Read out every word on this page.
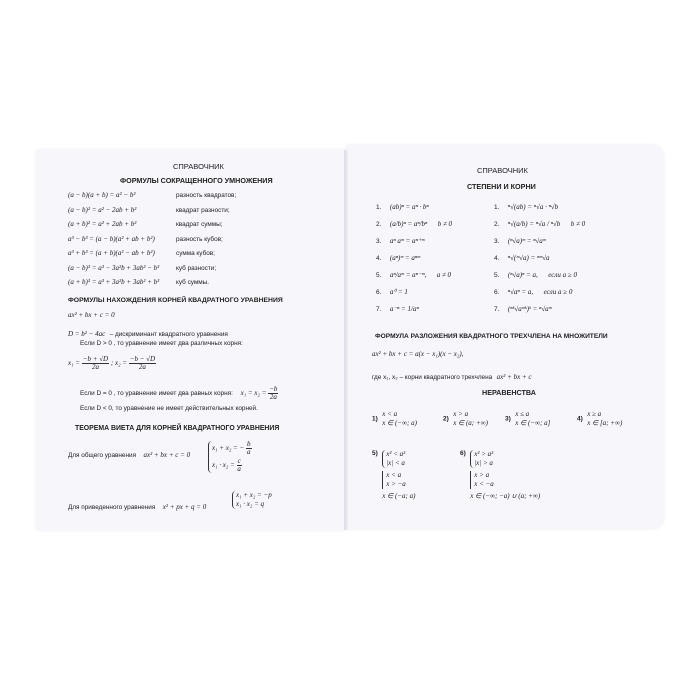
СПРАВОЧНИК
ФОРМУЛЫ СОКРАЩЕННОГО УМНОЖЕНИЯ
(a − b)(a + b) = a² − b²	разность квадратов;
(a − b)² = a² − 2ab + b²	квадрат разности;
(a + b)² = a² + 2ab + b²	квадрат суммы;
a³ − b³ = (a − b)(a² + ab + b²)	разность кубов;
a³ + b³ = (a + b)(a² − ab + b²)	сумма кубов;
(a − b)³ = a³ − 3a²b + 3ab² − b³	куб разности;
(a + b)³ = a³ + 3a²b + 3ab² + b³	куб суммы.
ФОРМУЛЫ НАХОЖДЕНИЯ КОРНЕЙ КВАДРАТНОГО УРАВНЕНИЯ
ax² + bx + c = 0
D = b² − 4ac – дискриминант квадратного уравнения
Если D > 0 , то уравнение имеет два различных корня:
$x_1 = \frac{-b + √D}{2a}$ ; $x_2 = \frac{-b - √D}{2a}$
Если D = 0 , то уравнение имеет два равных корня: $x_1 = x_2 = \frac{-b}{2a}$
Если D < 0, то уравнение не имеет действительных корней.
ТЕОРЕМА ВИЕТА ДЛЯ КОРНЕЙ КВАДРАТНОГО УРАВНЕНИЯ
Для общего уравнения ax² + bx + c = 0
x₁ + x₂ = − $\frac{b}{a}$
$x_1 \cdot x_2 = \frac{c}{a}$
Для приведенного уравнения x² + px + q = 0
x₁ + x₂ = −p
x₁ · x₂ = q
СПРАВОЧНИК
СТЕПЕНИ И КОРНИ
1. (ab)ⁿ = aⁿ · bⁿ
2. (a/b)ⁿ = aⁿ/bⁿ b ≠ 0
3. aⁿ aᵐ = aⁿ⁺ᵐ
4. (aⁿ)ᵐ = aⁿᵐ
5. aⁿ/aᵐ = aⁿ⁻ᵐ, a ≠ 0
6. a⁰ = 1
7. a⁻ⁿ = 1/aⁿ
1. ⁿ√(ab) = ⁿ√a · ⁿ√b
2. ⁿ√(a/b) = ⁿ√a / ⁿ√b b ≠ 0
3. (ⁿ√a)ᵐ = ⁿ√aᵐ
4. ⁿ√(ᵐ√a) = ⁿᵐ√a
5. (ⁿ√a)ⁿ = a, если a ≥ 0
6. ⁿ√aⁿ = a, если a ≥ 0
7. (ⁿᵏ√aᵐᵏ)ᵏ = ⁿ√aᵐ
ФОРМУЛА РАЗЛОЖЕНИЯ КВАДРАТНОГО ТРЕХЧЛЕНА НА МНОЖИТЕЛИ
ax² + bx + c = a(x − x₁)(x − x₂),
где x₁, x₂ – корни квадратного трехчлена ax² + bx + c
НЕРАВЕНСТВА
1)
x < a
x ∈ (−∞; a)	2)
x > a
x ∈ (a; +∞)	3)
x ≤ a
x ∈ (−∞; a]	4)
x ≥ a
x ∈ [a; +∞)
$^{5)}$ x² < a²
|x| < a

x < a
x > −a

x ∈ (−a; a)
$^{6)}$ x² > a²
|x| > a

x > a
x < −a

x ∈ (−∞; −a) ∪ (a; +∞)
